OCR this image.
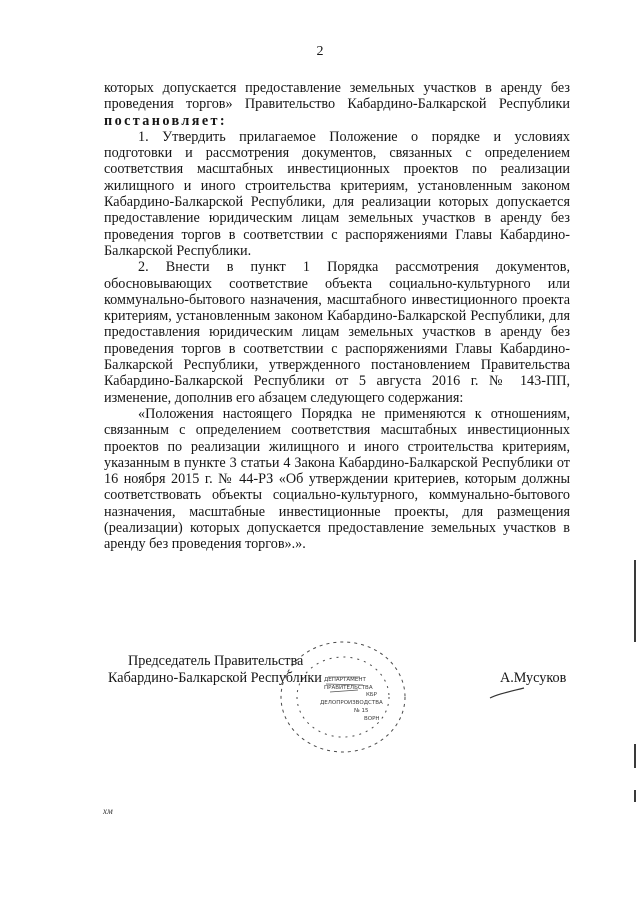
2

которых допускается предоставление земельных участков в аренду без проведения торгов» Правительство Кабардино-Балкарской Республики постановляет:

1. Утвердить прилагаемое Положение о порядке и условиях подготовки и рассмотрения документов, связанных с определением соответствия масштабных инвестиционных проектов по реализации жилищного и иного строительства критериям, установленным законом Кабардино-Балкарской Республики, для реализации которых допускается предоставление юридическим лицам земельных участков в аренду без проведения торгов в соответствии с распоряжениями Главы Кабардино-Балкарской Республики.

2. Внести в пункт 1 Порядка рассмотрения документов, обосновывающих соответствие объекта социально-культурного или коммунально-бытового назначения, масштабного инвестиционного проекта критериям, установленным законом Кабардино-Балкарской Республики, для предоставления юридическим лицам земельных участков в аренду без проведения торгов в соответствии с распоряжениями Главы Кабардино-Балкарской Республики, утвержденного постановлением Правительства Кабардино-Балкарской Республики от 5 августа 2016 г. № 143-ПП, изменение, дополнив его абзацем следующего содержания:

«Положения настоящего Порядка не применяются к отношениям, связанным с определением соответствия масштабных инвестиционных проектов по реализации жилищного и иного строительства критериям, указанным в пункте 3 статьи 4 Закона Кабардино-Балкарской Республики от 16 ноября 2015 г. № 44-РЗ «Об утверждении критериев, которым должны соответствовать объекты социально-культурного, коммунально-бытового назначения, масштабные инвестиционные проекты, для размещения (реализации) которых допускается предоставление земельных участков в аренду без проведения торгов».».

ДЕПАРТАМЕНТ
ПРАВИТЕЛЬСТВА
КБР
ДЕЛОПРОИЗВОДСТВА
№ 15
ВОРН
Председатель Правительства
Кабардино-Балкарской Республики	А.Мусуков
хм
